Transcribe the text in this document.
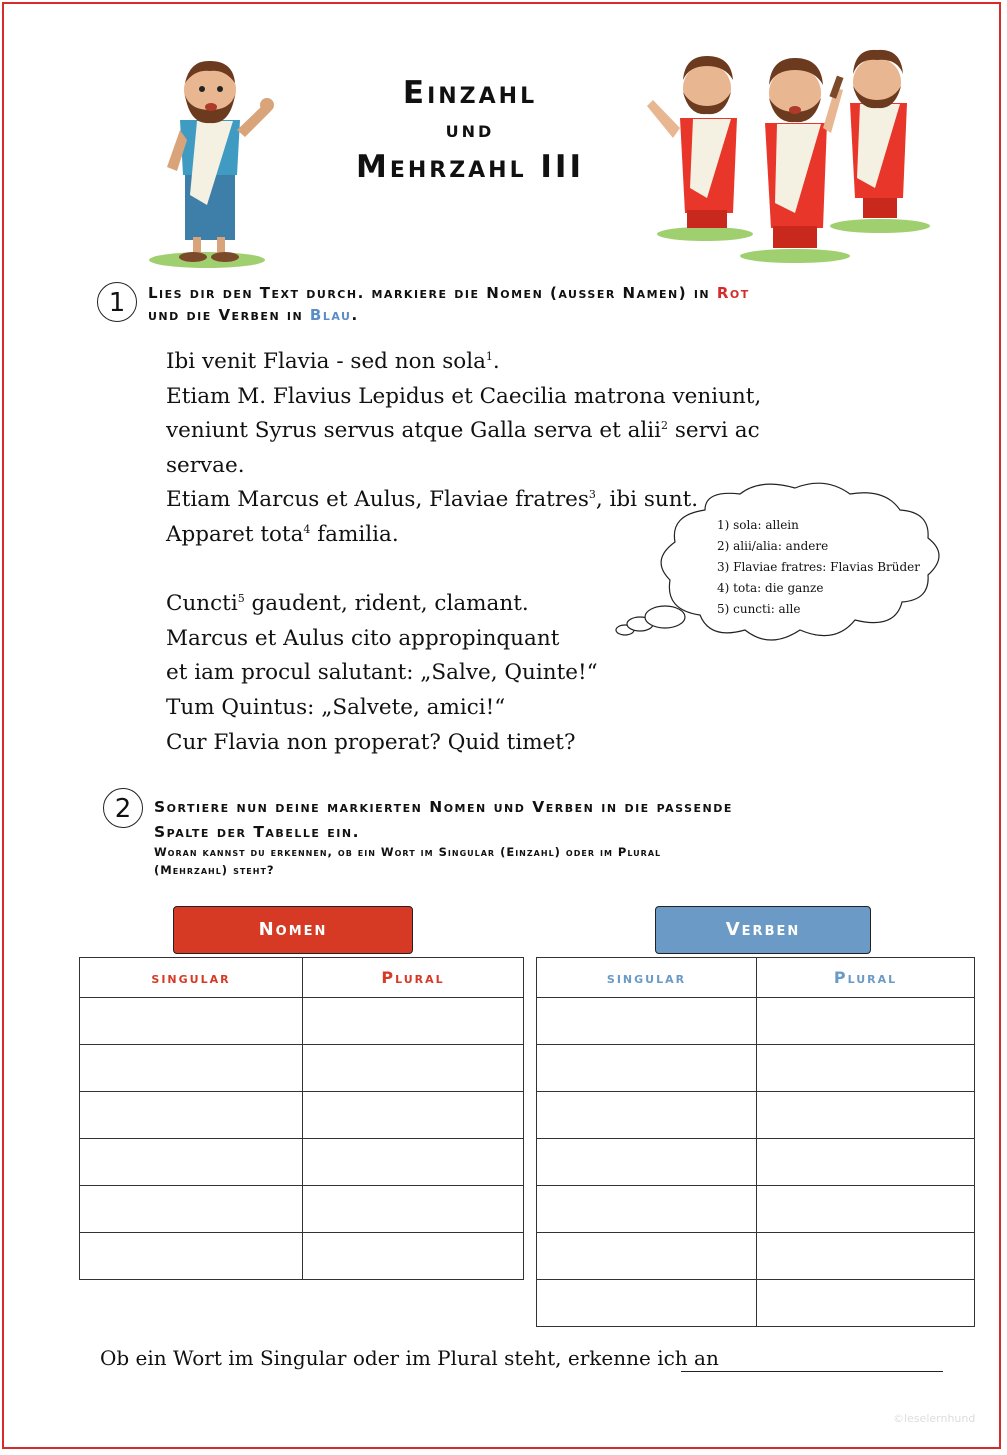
Einzahl
und
Mehrzahl III
1	Lies dir den Text durch. markiere die Nomen (ausser Namen) in Rot
und die Verben in Blau.
Ibi venit Flavia - sed non sola$^1$.
Etiam M. Flavius Lepidus et Caecilia matrona veniunt,
veniunt Syrus servus atque Galla serva et alii$^2$ servi ac
servae.
Etiam Marcus et Aulus, Flaviae fratres$^3$, ibi sunt.
Apparet tota$^4$ familia.
Cuncti$^5$ gaudent, rident, clamant.
Marcus et Aulus cito appropinquant
et iam procul salutant: „Salve, Quinte!“
Tum Quintus: „Salvete, amici!“
Cur Flavia non properat? Quid timet?
1) sola: allein
2) alii/alia: andere
3) Flaviae fratres: Flavias Brüder
4) tota: die ganze
5) cuncti: alle
2	Sortiere nun deine markierten Nomen und Verben in die passende
Spalte der Tabelle ein.
Woran kannst du erkennen, ob ein Wort im Singular (Einzahl) oder im Plural
(Mehrzahl) steht?
Nomen
singular	Plural

Verben
singular	Plural

Ob ein Wort im Singular oder im Plural steht, erkenne ich an
©leselernhund
